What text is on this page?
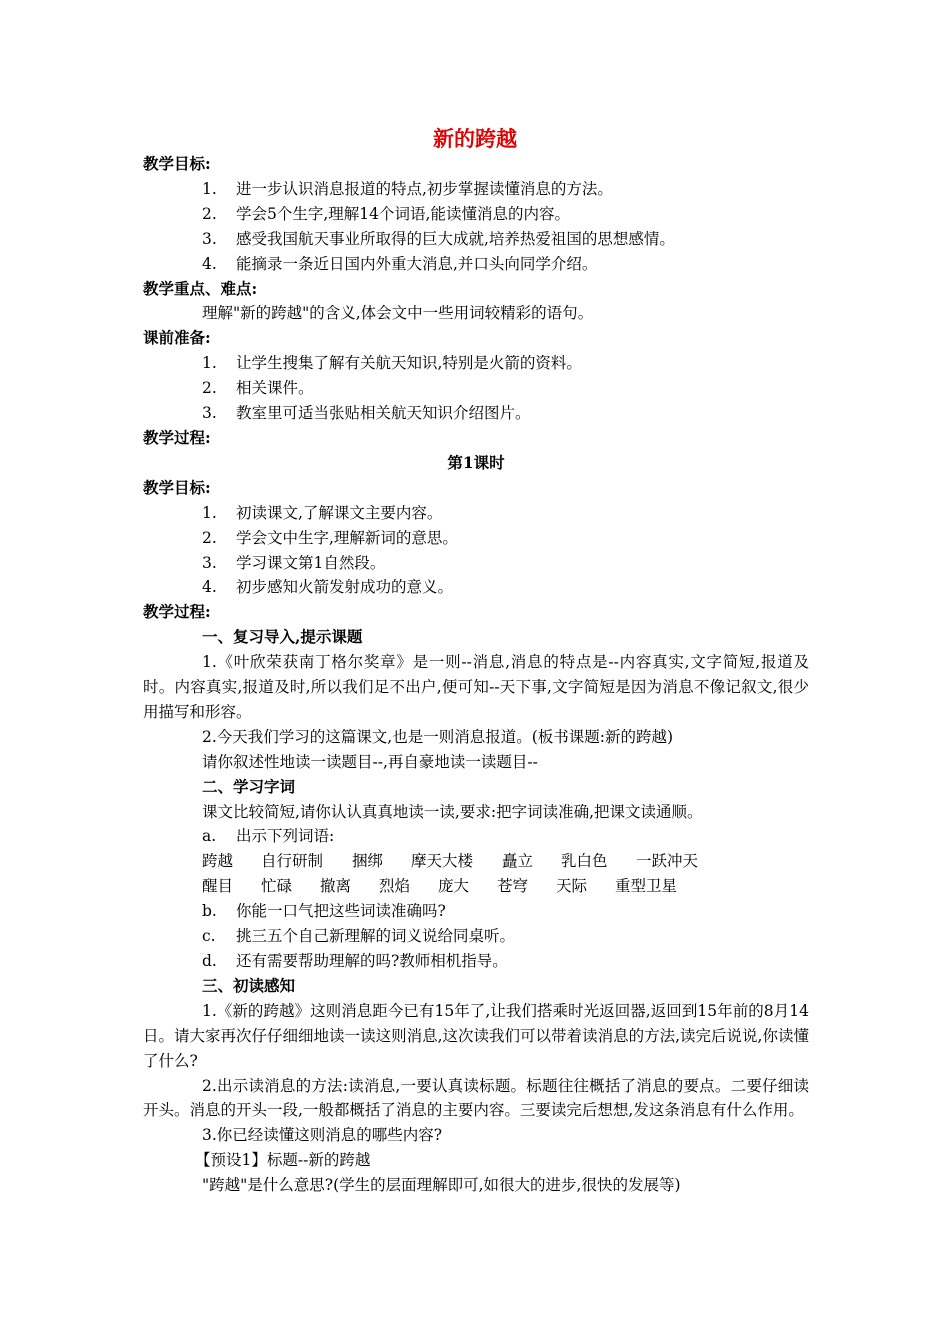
新的跨越
教学目标:
1. 进一步认识消息报道的特点,初步掌握读懂消息的方法。
2. 学会5个生字,理解14个词语,能读懂消息的内容。
3. 感受我国航天事业所取得的巨大成就,培养热爱祖国的思想感情。
4. 能摘录一条近日国内外重大消息,并口头向同学介绍。
教学重点、难点:
理解"新的跨越"的含义,体会文中一些用词较精彩的语句。
课前准备:
1. 让学生搜集了解有关航天知识,特别是火箭的资料。
2. 相关课件。
3. 教室里可适当张贴相关航天知识介绍图片。
教学过程:
第1课时
教学目标:
1. 初读课文,了解课文主要内容。
2. 学会文中生字,理解新词的意思。
3. 学习课文第1自然段。
4. 初步感知火箭发射成功的意义。
教学过程:
一、复习导入,提示课题
1.《叶欣荣获南丁格尔奖章》是一则--消息,消息的特点是--内容真实,文字简短,报道及时。内容真实,报道及时,所以我们足不出户,便可知--天下事,文字简短是因为消息不像记叙文,很少用描写和形容。
2.今天我们学习的这篇课文,也是一则消息报道。(板书课题:新的跨越)
请你叙述性地读一读题目--,再自豪地读一读题目--
二、学习字词
课文比较简短,请你认认真真地读一读,要求:把字词读准确,把课文读通顺。
a. 出示下列词语:
跨越 自行研制 捆绑 摩天大楼 矗立 乳白色 一跃冲天
醒目 忙碌 撤离 烈焰 庞大 苍穹 天际 重型卫星
b. 你能一口气把这些词读准确吗?
c. 挑三五个自己新理解的词义说给同桌听。
d. 还有需要帮助理解的吗?教师相机指导。
三、初读感知
1.《新的跨越》这则消息距今已有15年了,让我们搭乘时光返回器,返回到15年前的8月14日。请大家再次仔仔细细地读一读这则消息,这次读我们可以带着读消息的方法,读完后说说,你读懂了什么?
2.出示读消息的方法:读消息,一要认真读标题。标题往往概括了消息的要点。二要仔细读开头。消息的开头一段,一般都概括了消息的主要内容。三要读完后想想,发这条消息有什么作用。
3.你已经读懂这则消息的哪些内容?
【预设1】标题--新的跨越
"跨越"是什么意思?(学生的层面理解即可,如很大的进步,很快的发展等)
